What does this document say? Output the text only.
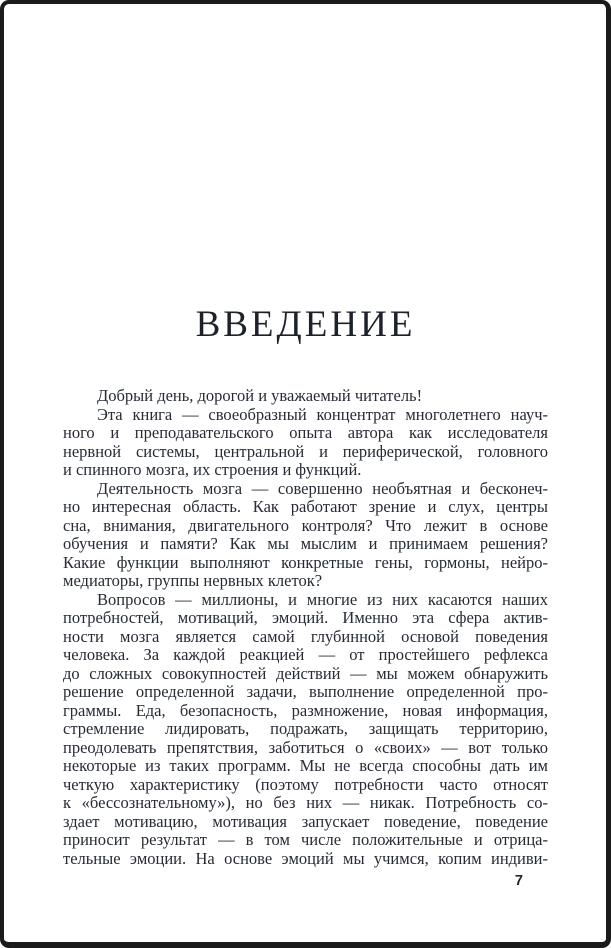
ВВЕДЕНИЕ
Добрый день, дорогой и уважаемый читатель!
Эта книга — своеобразный концентрат многолетнего науч-
ного и преподавательского опыта автора как исследователя
нервной системы, центральной и периферической, головного
и спинного мозга, их строения и функций.
Деятельность мозга — совершенно необъятная и бесконеч-
но интересная область. Как работают зрение и слух, центры
сна, внимания, двигательного контроля? Что лежит в основе
обучения и памяти? Как мы мыслим и принимаем решения?
Какие функции выполняют конкретные гены, гормоны, нейро-
медиаторы, группы нервных клеток?
Вопросов — миллионы, и многие из них касаются наших
потребностей, мотиваций, эмоций. Именно эта сфера актив-
ности мозга является самой глубинной основой поведения
человека. За каждой реакцией — от простейшего рефлекса
до сложных совокупностей действий — мы можем обнаружить
решение определенной задачи, выполнение определенной про-
граммы. Еда, безопасность, размножение, новая информация,
стремление лидировать, подражать, защищать территорию,
преодолевать препятствия, заботиться о «своих» — вот только
некоторые из таких программ. Мы не всегда способны дать им
четкую характеристику (поэтому потребности часто относят
к «бессознательному»), но без них — никак. Потребность со-
здает мотивацию, мотивация запускает поведение, поведение
приносит результат — в том числе положительные и отрица-
тельные эмоции. На основе эмоций мы учимся, копим индиви-
7
